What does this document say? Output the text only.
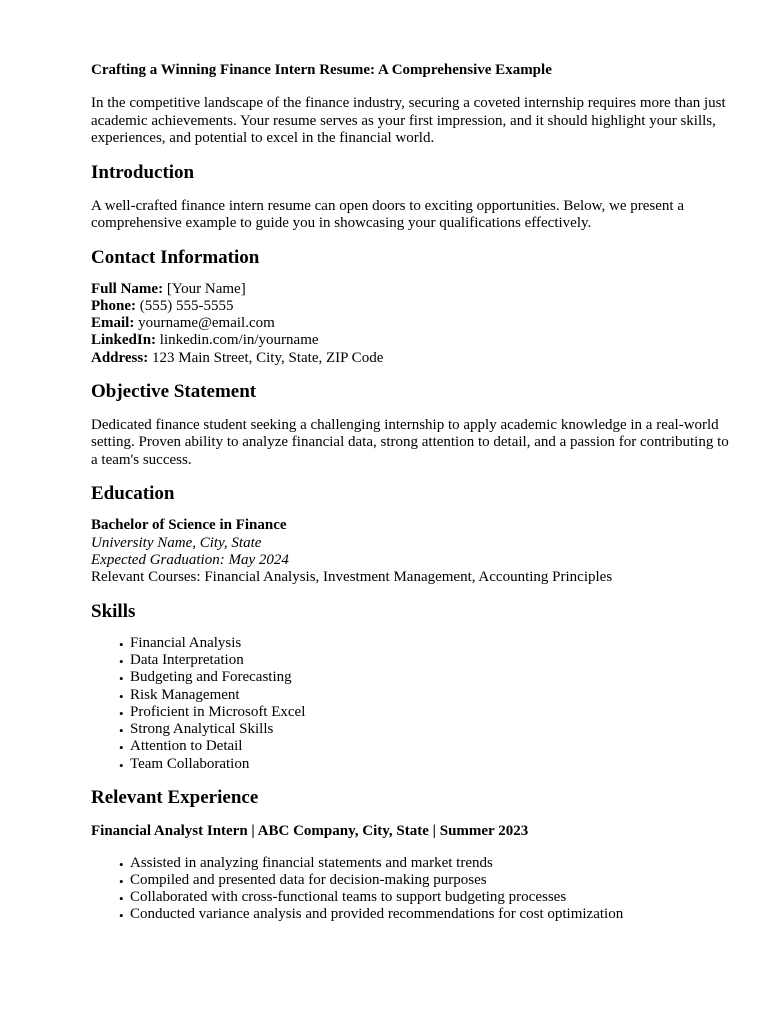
Crafting a Winning Finance Intern Resume: A Comprehensive Example

In the competitive landscape of the finance industry, securing a coveted internship requires more than just academic achievements. Your resume serves as your first impression, and it should highlight your skills, experiences, and potential to excel in the financial world.

Introduction

A well-crafted finance intern resume can open doors to exciting opportunities. Below, we present a comprehensive example to guide you in showcasing your qualifications effectively.

Contact Information
Full Name: [Your Name]
Phone: (555) 555-5555
Email: yourname@email.com
LinkedIn: linkedin.com/in/yourname
Address: 123 Main Street, City, State, ZIP Code
Objective Statement

Dedicated finance student seeking a challenging internship to apply academic knowledge in a real-world setting. Proven ability to analyze financial data, strong attention to detail, and a passion for contributing to a team's success.

Education
Bachelor of Science in Finance
University Name, City, State
Expected Graduation: May 2024
Relevant Courses: Financial Analysis, Investment Management, Accounting Principles
Skills
• Financial Analysis
• Data Interpretation
• Budgeting and Forecasting
• Risk Management
• Proficient in Microsoft Excel
• Strong Analytical Skills
• Attention to Detail
• Team Collaboration
Relevant Experience

Financial Analyst Intern | ABC Company, City, State | Summer 2023

• Assisted in analyzing financial statements and market trends
• Compiled and presented data for decision-making purposes
• Collaborated with cross-functional teams to support budgeting processes
• Conducted variance analysis and provided recommendations for cost optimization
